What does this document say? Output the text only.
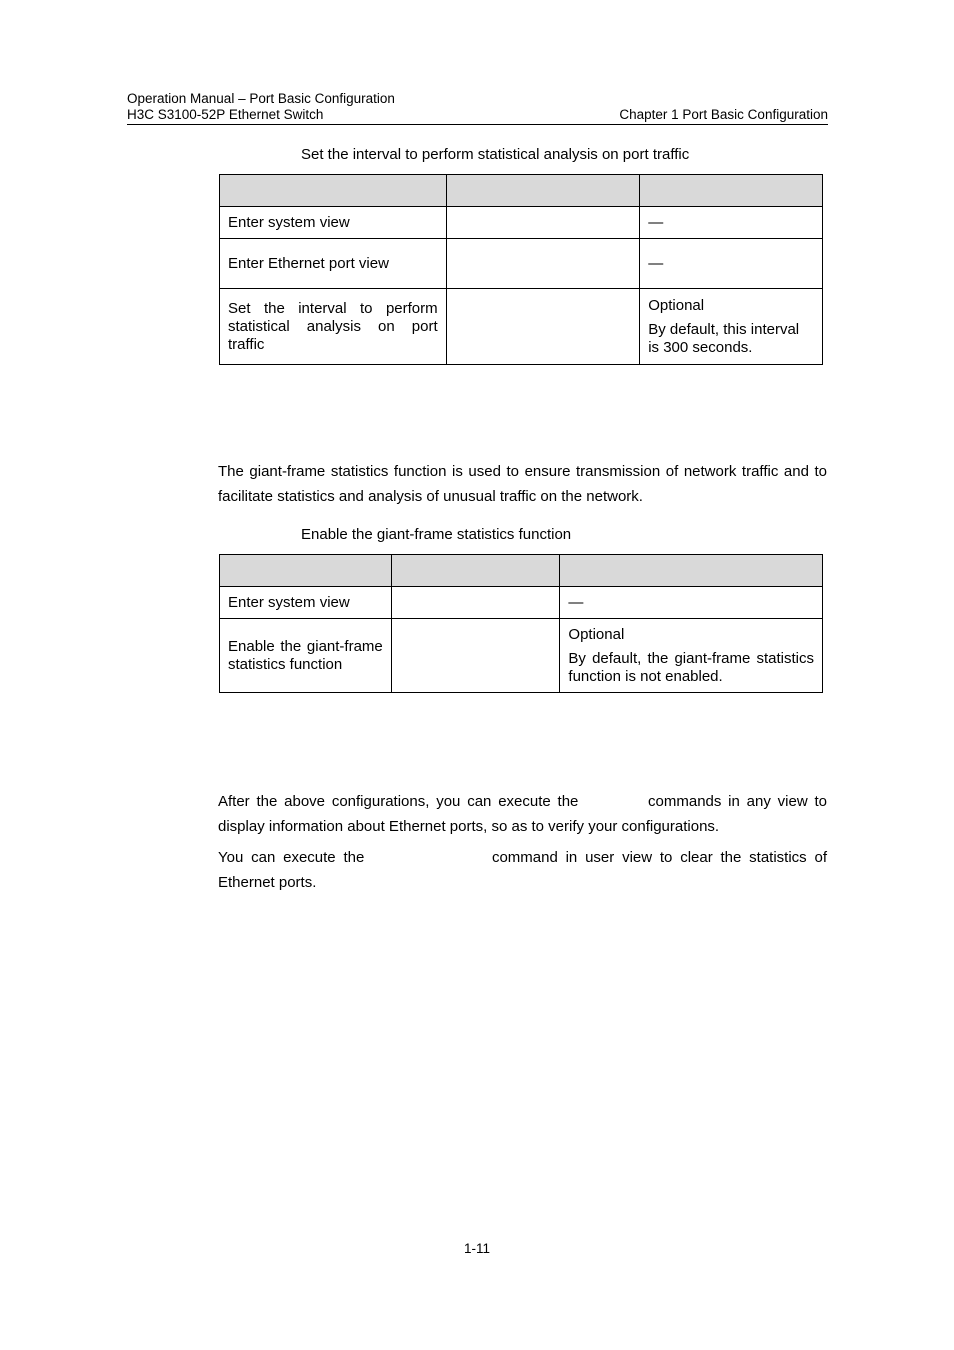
Operation Manual – Port Basic Configuration
H3C S3100-52P Ethernet Switch	Chapter 1 Port Basic Configuration
Set the interval to perform statistical analysis on port traffic

Enter system view		—
Enter Ethernet port view		—
Set the interval to perform statistical analysis on port traffic		Optional

By default, this interval is 300 seconds.

The giant-frame statistics function is used to ensure transmission of network traffic and to facilitate statistics and analysis of unusual traffic on the network.
Enable the giant-frame statistics function

Enter system view		—
Enable the giant-frame statistics function		Optional

By default, the giant-frame statistics function is not enabled.

After the above configurations, you can execute the	commands in any view to display information about Ethernet ports, so as to verify your configurations.
You can execute the	command in user view to clear the statistics of Ethernet ports.
1-11
